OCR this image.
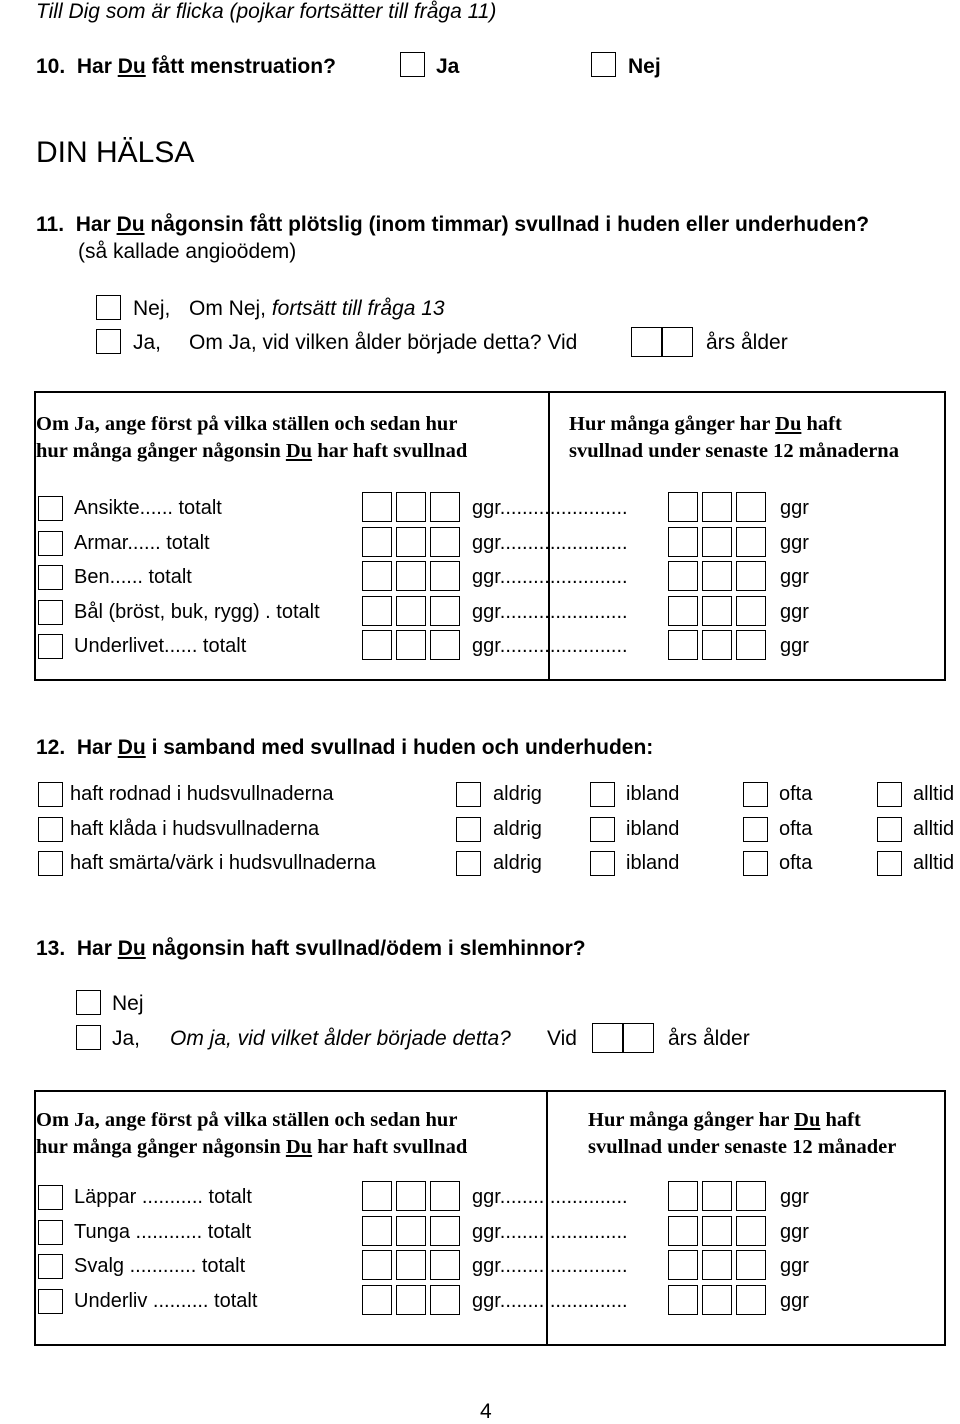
Till Dig som är flicka (pojkar fortsätter till fråga 11)
10. Har Du fått menstruation?	Ja	Nej
DIN HÄLSA
11. Har Du någonsin fått plötslig (inom timmar) svullnad i huden eller underhuden?
(så kallade angioödem)
Nej, Om Nej, fortsätt till fråga 13
Ja, Om Ja, vid vilken ålder började detta? Vid	års ålder
Om Ja, ange först på vilka ställen och sedan hur
hur många gånger någonsin Du har haft svullnad
Hur många gånger har Du haft
svullnad under senaste 12 månaderna
Ansikte...... totalt	ggr.......................	ggr
Armar...... totalt	ggr.......................	ggr
Ben...... totalt	ggr.......................	ggr
Bål (bröst, buk, rygg) . totalt	ggr.......................	ggr
Underlivet...... totalt	ggr.......................	ggr
12. Har Du i samband med svullnad i huden och underhuden:
haft rodnad i hudsvullnaderna	aldrig	ibland	ofta	alltid
haft klåda i hudsvullnaderna	aldrig	ibland	ofta	alltid
haft smärta/värk i hudsvullnaderna	aldrig	ibland	ofta	alltid
13. Har Du någonsin haft svullnad/ödem i slemhinnor?
Nej
Ja, Om ja, vid vilket ålder började detta? Vid	års ålder
Om Ja, ange först på vilka ställen och sedan hur
hur många gånger någonsin Du har haft svullnad
Hur många gånger har Du haft
svullnad under senaste 12 månader
Läppar ........... totalt	ggr.......................	ggr
Tunga ............ totalt	ggr.......................	ggr
Svalg ............ totalt	ggr.......................	ggr
Underliv .......... totalt	ggr.......................	ggr
4
